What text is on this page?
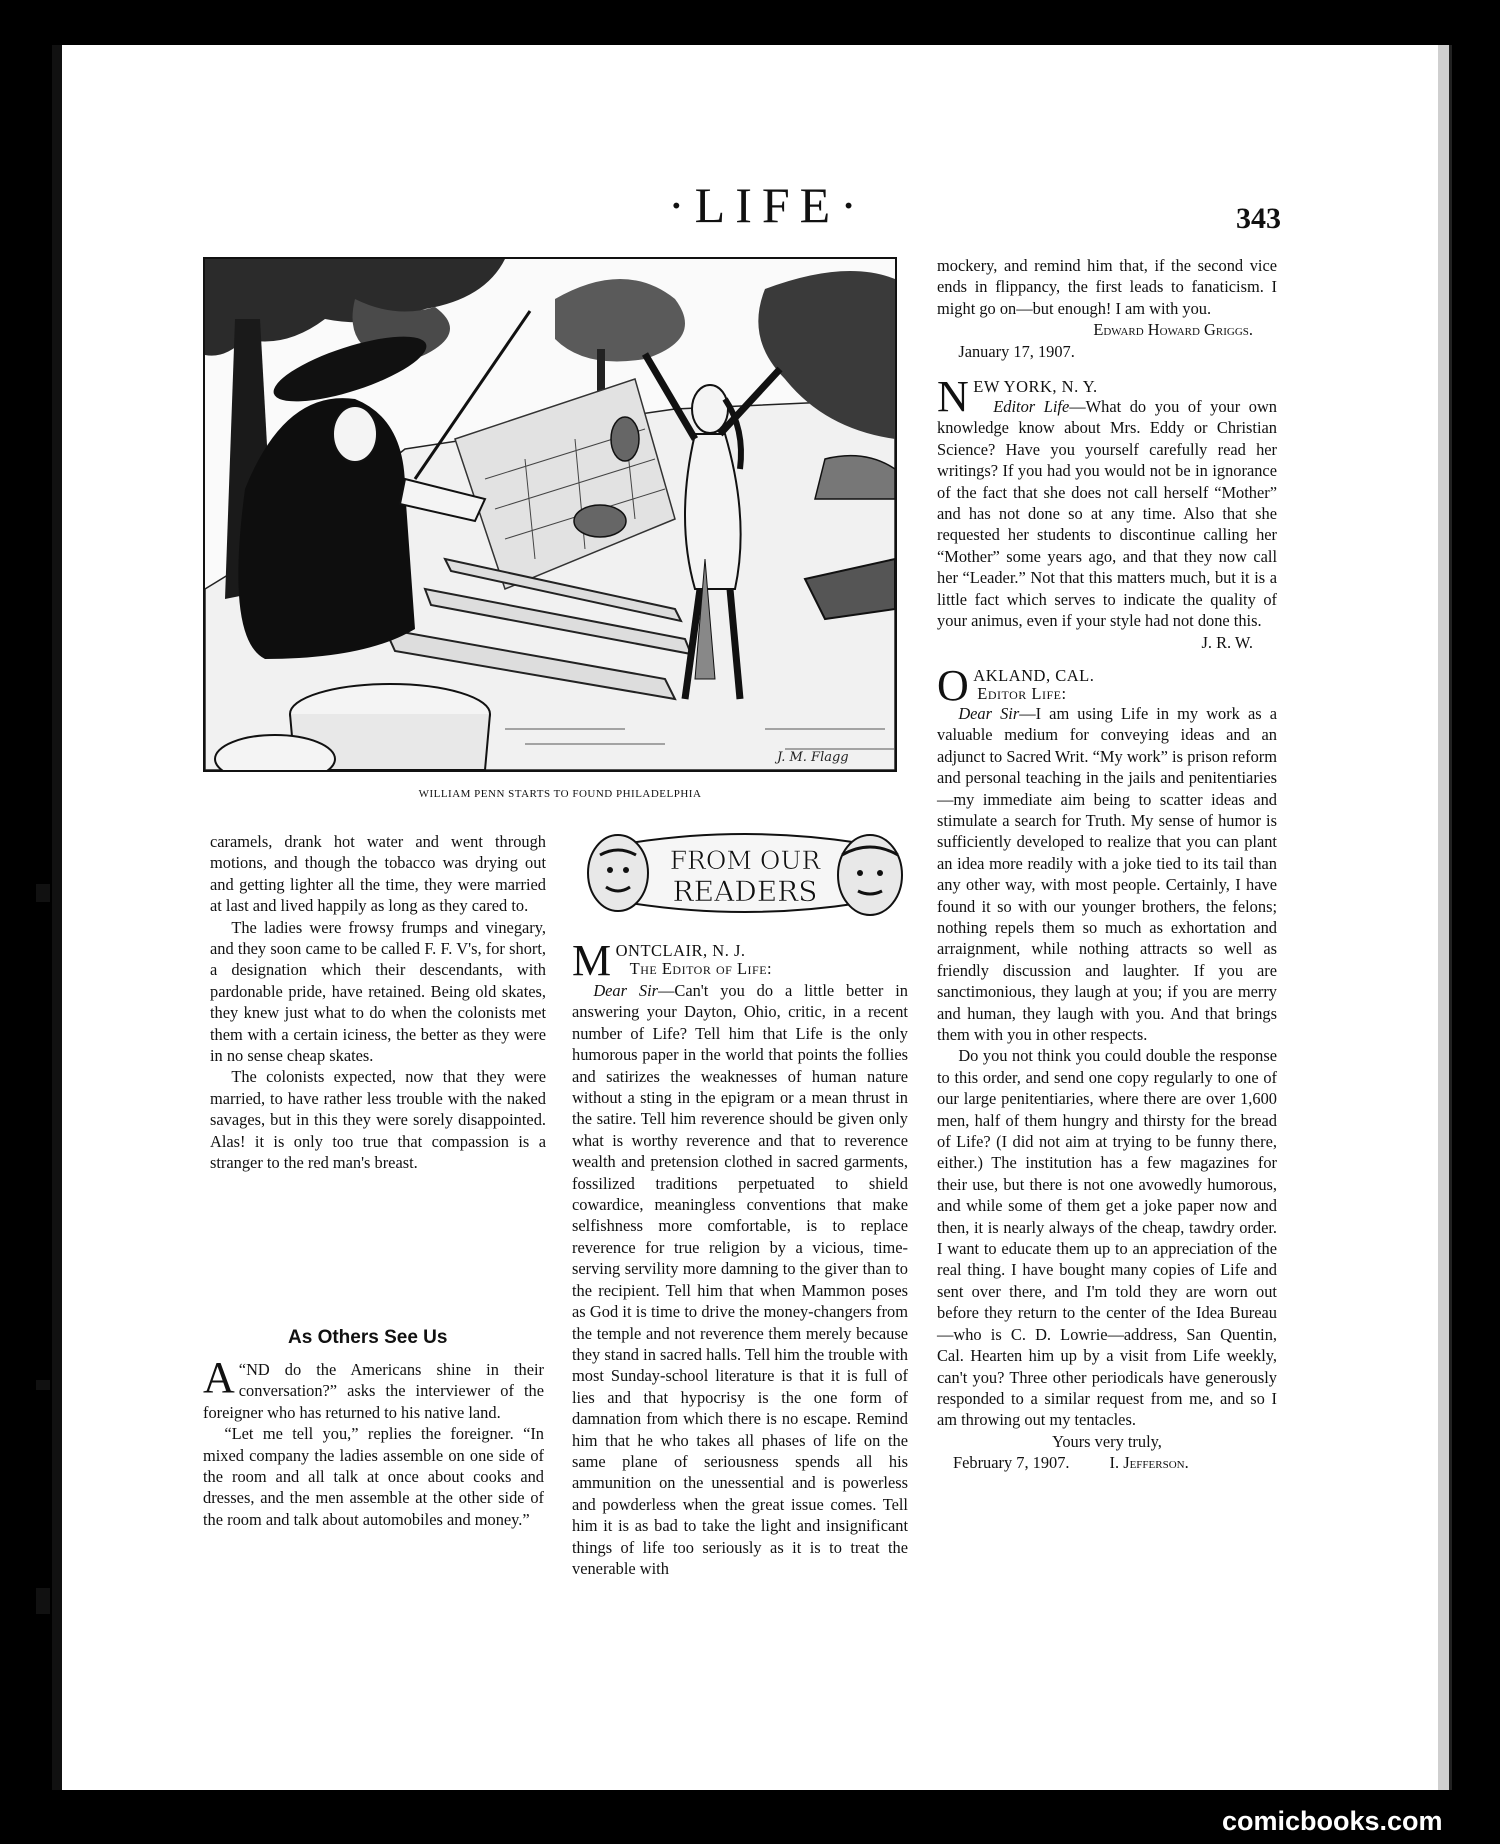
·LIFE·	343
J. M. Flagg
WILLIAM PENN STARTS TO FOUND PHILADELPHIA

caramels, drank hot water and went through motions, and though the tobacco was drying out and getting lighter all the time, they were married at last and lived happily as long as they cared to.

The ladies were frowsy frumps and vinegary, and they soon came to be called F. F. V's, for short, a designation which their descendants, with pardonable pride, have retained. Being old skates, they knew just what to do when the colonists met them with a certain iciness, the better as they were in no sense cheap skates.

The colonists expected, now that they were married, to have rather less trouble with the naked savages, but in this they were sorely disappointed. Alas! it is only too true that compassion is a stranger to the red man's breast.

As Others See Us

“
A ND do the Americans shine in their conversation?” asks the interviewer of the foreigner who has returned to his native land.

“Let me tell you,” replies the foreigner. “In mixed company the ladies assemble on one side of the room and all talk at once about cooks and dresses, and the men assemble at the other side of the room and talk about automobiles and money.”

FROM OUR
READERS

MONTCLAIR, N. J.
The Editor of Life:

Dear Sir—Can't you do a little better in answering your Dayton, Ohio, critic, in a recent number of Life? Tell him that Life is the only humorous paper in the world that points the follies and satirizes the weaknesses of human nature without a sting in the epigram or a mean thrust in the satire. Tell him reverence should be given only what is worthy reverence and that to reverence wealth and pretension clothed in sacred garments, fossilized traditions perpetuated to shield cowardice, meaningless conventions that make selfishness more comfortable, is to replace reverence for true religion by a vicious, time-serving servility more damning to the giver than to the recipient. Tell him that when Mammon poses as God it is time to drive the money-changers from the temple and not reverence them merely because they stand in sacred halls. Tell him the trouble with most Sunday-school literature is that it is full of lies and that hypocrisy is the one form of damnation from which there is no escape. Remind him that he who takes all phases of life on the same plane of seriousness spends all his ammunition on the unessential and is powerless and powderless when the great issue comes. Tell him it is as bad to take the light and insignificant things of life too seriously as it is to treat the venerable with

mockery, and remind him that, if the second vice ends in flippancy, the first leads to fanaticism. I might go on—but enough! I am with you.

Edward Howard Griggs.

January 17, 1907.

NEW YORK, N. Y.

Editor Life—What do you of your own knowledge know about Mrs. Eddy or Christian Science? Have you yourself carefully read her writings? If you had you would not be in ignorance of the fact that she does not call herself “Mother” and has not done so at any time. Also that she requested her students to discontinue calling her “Mother” some years ago, and that they now call her “Leader.” Not that this matters much, but it is a little fact which serves to indicate the quality of your animus, even if your style had not done this.

J. R. W.

OAKLAND, CAL.
Editor Life:

Dear Sir—I am using Life in my work as a valuable medium for conveying ideas and an adjunct to Sacred Writ. “My work” is prison reform and personal teaching in the jails and penitentiaries—my immediate aim being to scatter ideas and stimulate a search for Truth. My sense of humor is sufficiently developed to realize that you can plant an idea more readily with a joke tied to its tail than any other way, with most people. Certainly, I have found it so with our younger brothers, the felons; nothing repels them so much as exhortation and arraignment, while nothing attracts so well as friendly discussion and laughter. If you are sanctimonious, they laugh at you; if you are merry and human, they laugh with you. And that brings them with you in other respects.

Do you not think you could double the response to this order, and send one copy regularly to one of our large penitentiaries, where there are over 1,600 men, half of them hungry and thirsty for the bread of Life? (I did not aim at trying to be funny there, either.) The institution has a few magazines for their use, but there is not one avowedly humorous, and while some of them get a joke paper now and then, it is nearly always of the cheap, tawdry order. I want to educate them up to an appreciation of the real thing. I have bought many copies of Life and sent over there, and I'm told they are worn out before they return to the center of the Idea Bureau—who is C. D. Lowrie—address, San Quentin, Cal. Hearten him up by a visit from Life weekly, can't you? Three other periodicals have generously responded to a similar request from me, and so I am throwing out my tentacles.

Yours very truly,

February 7, 1907. I. Jefferson.

comicbooks.com
